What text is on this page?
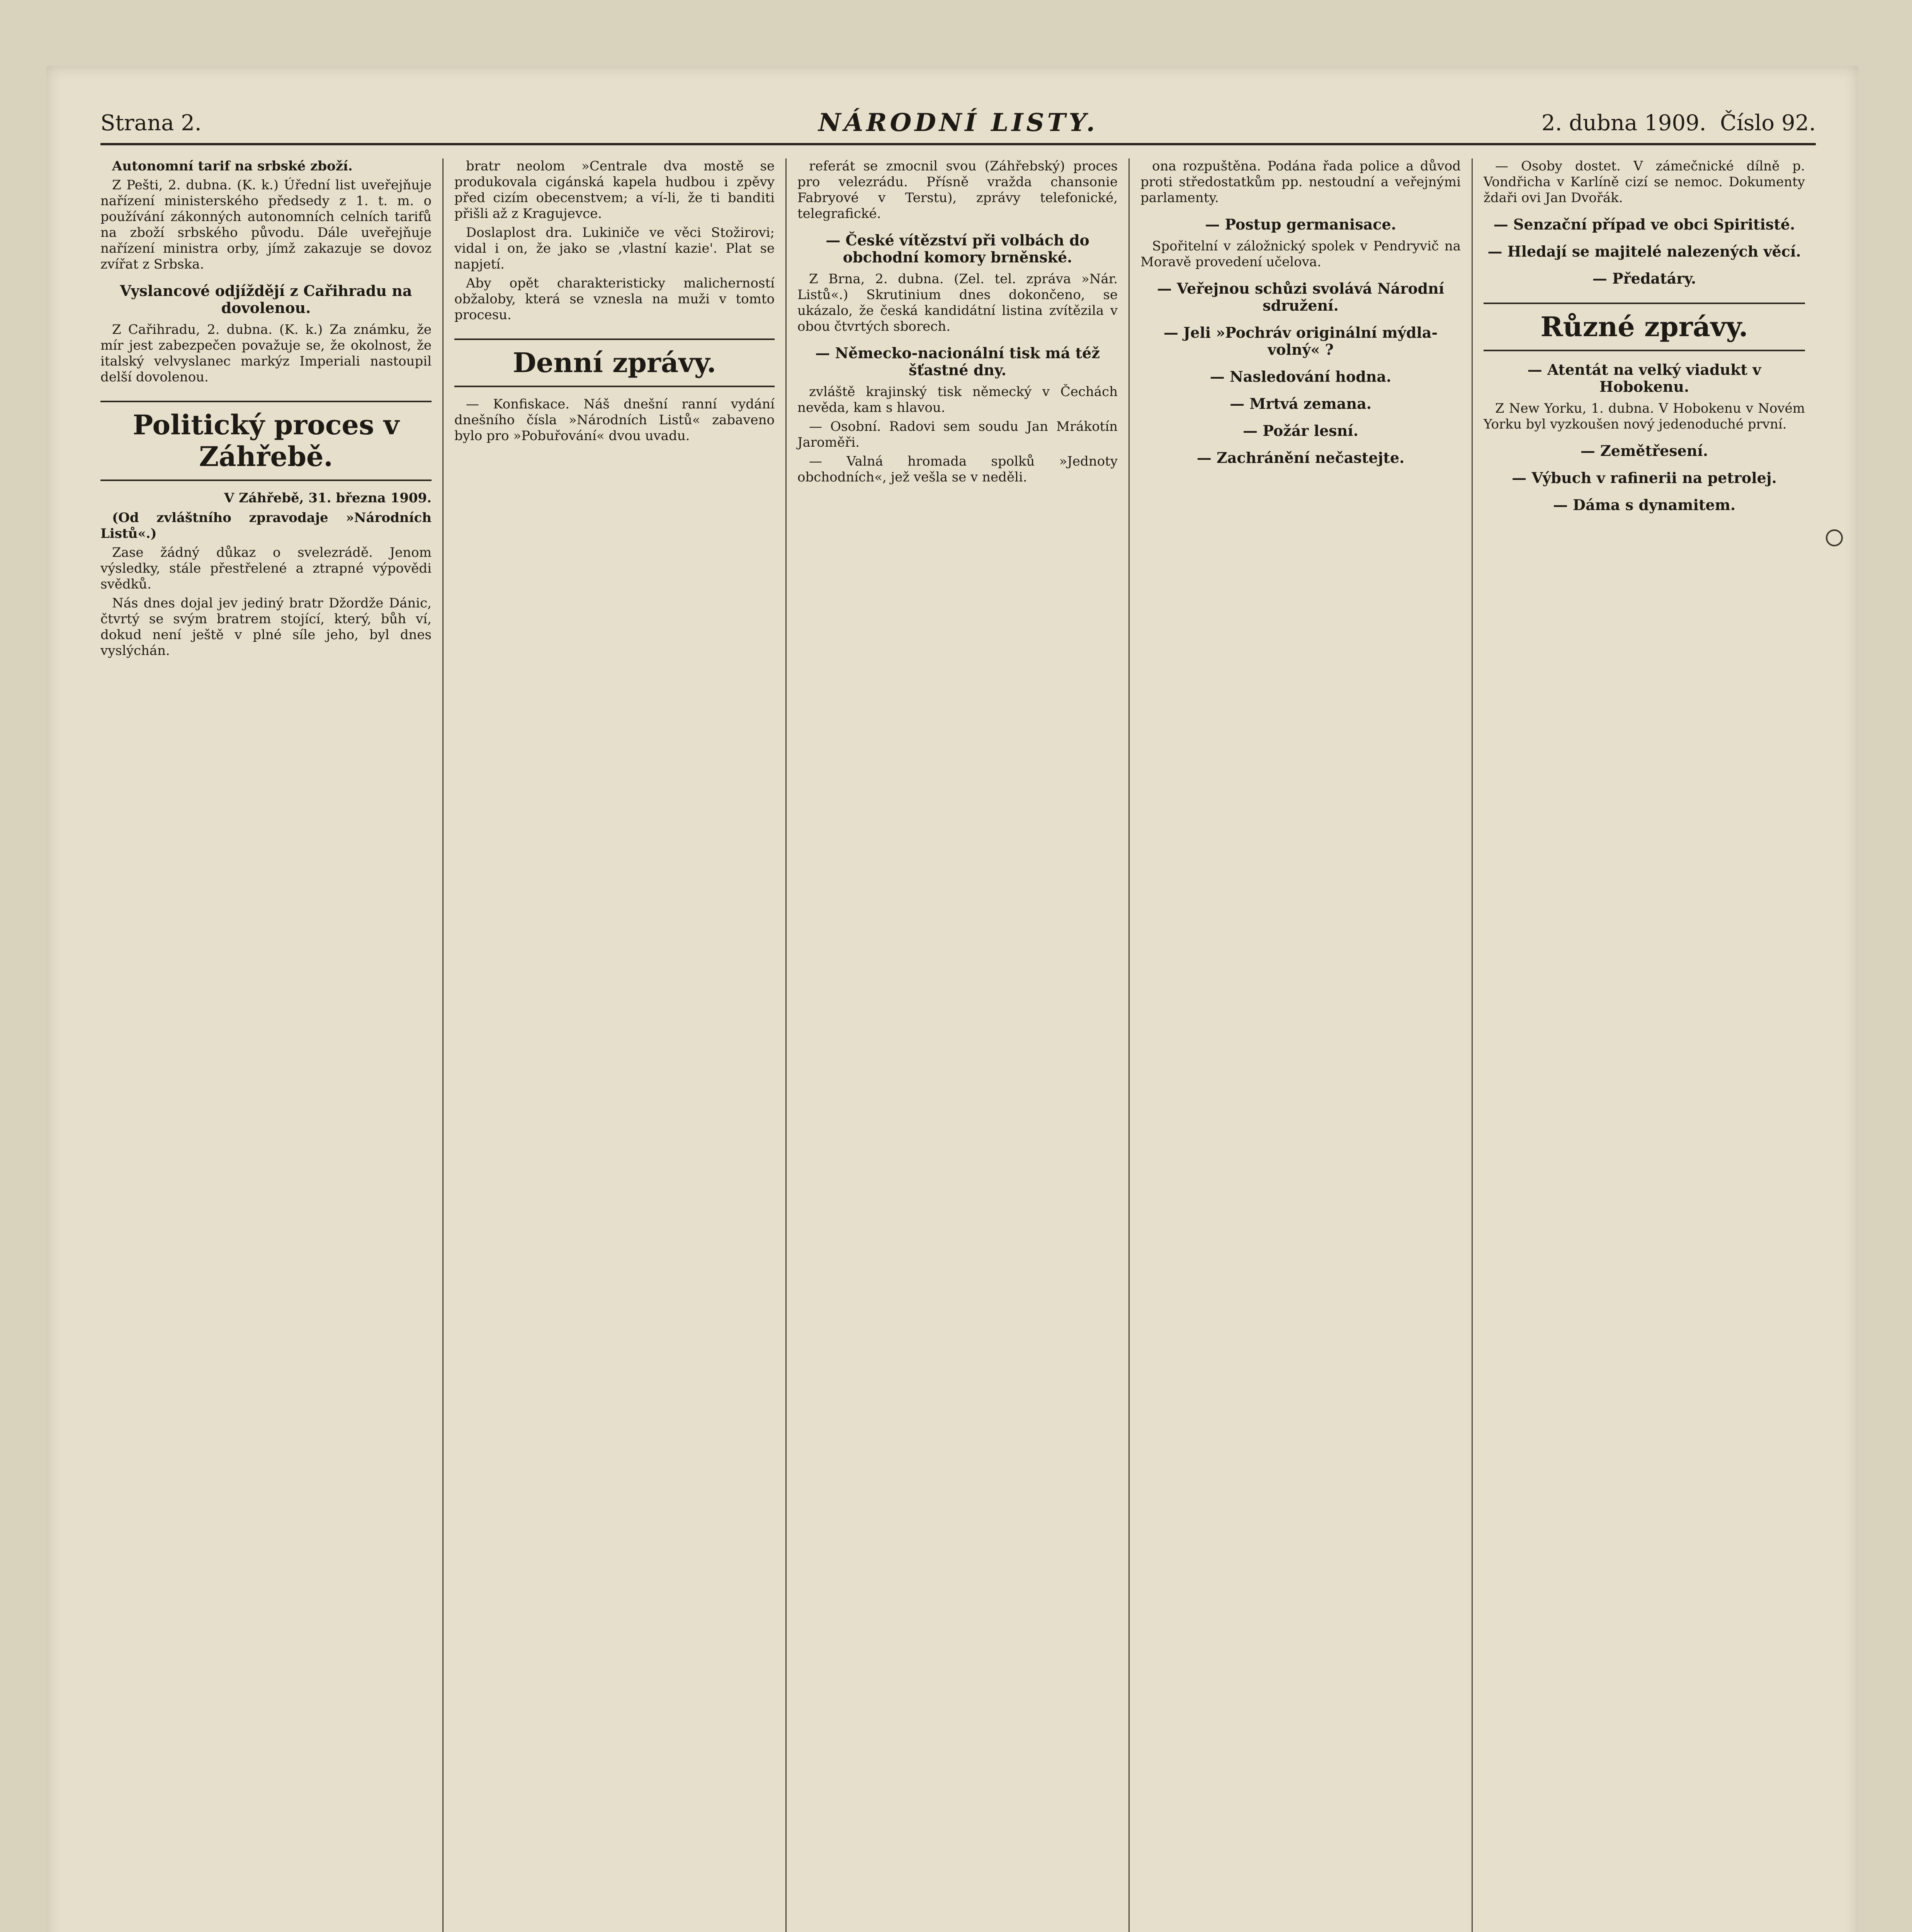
Strana 2.	NÁRODNÍ LISTY.	2. dubna 1909. Číslo 92.

Autonomní tarif na srbské zboží.

Z Pešti, 2. dubna. (K. k.) Úřední list uveřejňuje nařízení ministerského předsedy z 1. t. m. o používání zákonných autonomních celních tarifů na zboží srbského původu. Dále uveřejňuje nařízení ministra orby, jímž zakazuje se dovoz zvířat z Srbska.

Vyslancové odjíždějí z Cařihradu na dovolenou.

Z Cařihradu, 2. dubna. (K. k.) Za známku, že mír jest zabezpečen považuje se, že okolnost, že italský velvyslanec markýz Imperiali nastoupil delší dovolenou.

Politický proces v Záhřebě.

V Záhřebě, 31. března 1909.

(Od zvláštního zpravodaje »Národních Listů«.)

Zase žádný důkaz o svelezrádě. Jenom výsledky, stále přestřelené a ztrapné výpovědi svědků.

Nás dnes dojal jev jediný bratr Džordže Dánic, čtvrtý se svým bratrem stojící, který, bůh ví, dokud není ještě v plné síle jeho, byl dnes vyslýchán.

bratr neolom »Centrale dva mostě se produkovala cigánská kapela hudbou i zpěvy před cizím obecenstvem; a ví-li, že ti banditi přišli až z Kragujevce.

Doslaplost dra. Lukiniče ve věci Stožirovi; vidal i on, že jako se ,vlastní kazie'. Plat se napjetí.

Aby opět charakteristicky malicherností obžaloby, která se vznesla na muži v tomto procesu.

Denní zprávy.

— Konfiskace. Náš dnešní ranní vydání dnešního čísla »Národních Listů« zabaveno bylo pro »Pobuřování« dvou uvadu.

referát se zmocnil svou (Záhřebský) proces pro velezrádu. Přísně vražda chansonie Fabryové v Terstu), zprávy telefonické, telegrafické.

— České vítězství při volbách do obchodní komory brněnské.

Z Brna, 2. dubna. (Zel. tel. zpráva »Nár. Listů«.) Skrutinium dnes dokončeno, se ukázalo, že česká kandidátní listina zvítězila v obou čtvrtých sborech.

— Německo-nacionální tisk má též šťastné dny.

zvláště krajinský tisk německý v Čechách nevěda, kam s hlavou.

— Osobní. Radovi sem soudu Jan Mrákotín Jaroměři.

— Valná hromada spolků »Jednoty obchodních«, jež vešla se v neděli.

ona rozpuštěna. Podána řada police a důvod proti středostatkům pp. nestoudní a veřejnými parlamenty.

— Postup germanisace.

Spořitelní v záložnický spolek v Pendryvič na Moravě provedení učelova.

— Veřejnou schůzi svolává Národní sdružení.
— Jeli »Pochráv originální mýdla-volný« ?
— Nasledování hodna.
— Mrtvá zemana.
— Požár lesní.
— Zachránění nečastejte.

— Osoby dostet. V zámečnické dílně p. Vondřicha v Karlíně cizí se nemoc. Dokumenty ždaři ovi Jan Dvořák.

— Senzační případ ve obci Spiritisté.
— Hledají se majitelé nalezených věcí.
— Předatáry.
Různé zprávy.
— Atentát na velký viadukt v Hobokenu.

Z New Yorku, 1. dubna. V Hobokenu v Novém Yorku byl vyzkoušen nový jedenoduché první.

— Zemětřesení.
— Výbuch v rafinerii na petrolej.
— Dáma s dynamitem.
